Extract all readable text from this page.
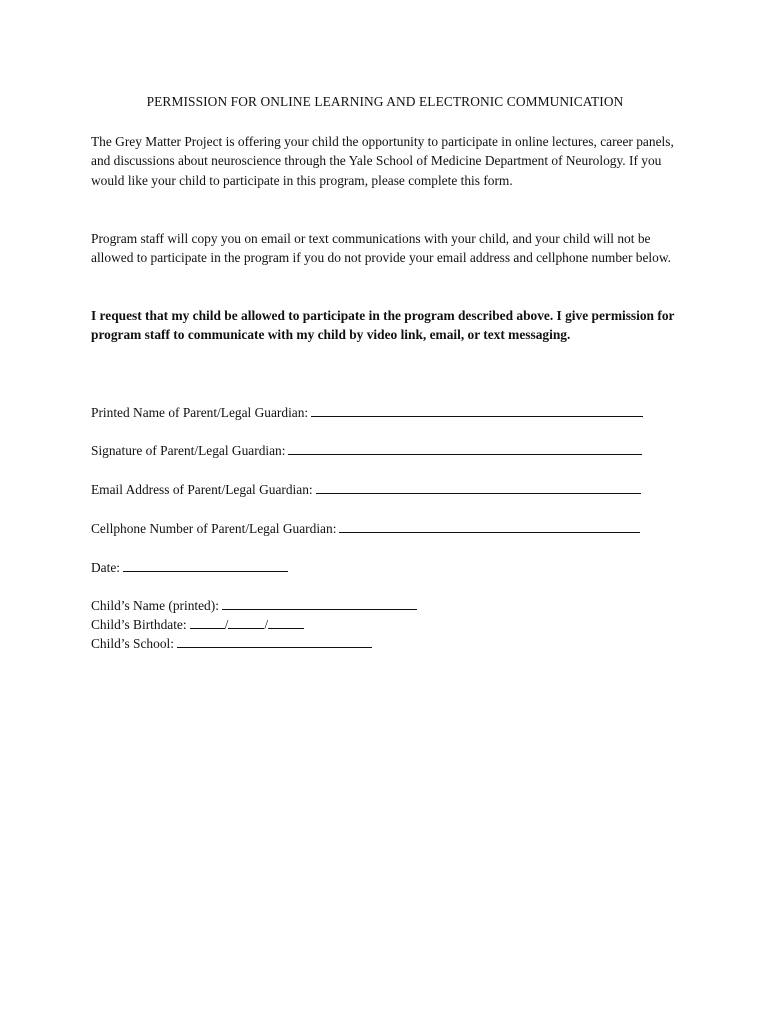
PERMISSION FOR ONLINE LEARNING AND ELECTRONIC COMMUNICATION
The Grey Matter Project is offering your child the opportunity to participate in online lectures, career panels, and discussions about neuroscience through the Yale School of Medicine Department of Neurology. If you would like your child to participate in this program, please complete this form.
Program staff will copy you on email or text communications with your child, and your child will not be allowed to participate in the program if you do not provide your email address and cellphone number below.
I request that my child be allowed to participate in the program described above. I give permission for program staff to communicate with my child by video link, email, or text messaging.
Printed Name of Parent/Legal Guardian:
Signature of Parent/Legal Guardian:
Email Address of Parent/Legal Guardian:
Cellphone Number of Parent/Legal Guardian:
Date:
Child’s Name (printed):
Child’s Birthdate:	/	/
Child’s School:
